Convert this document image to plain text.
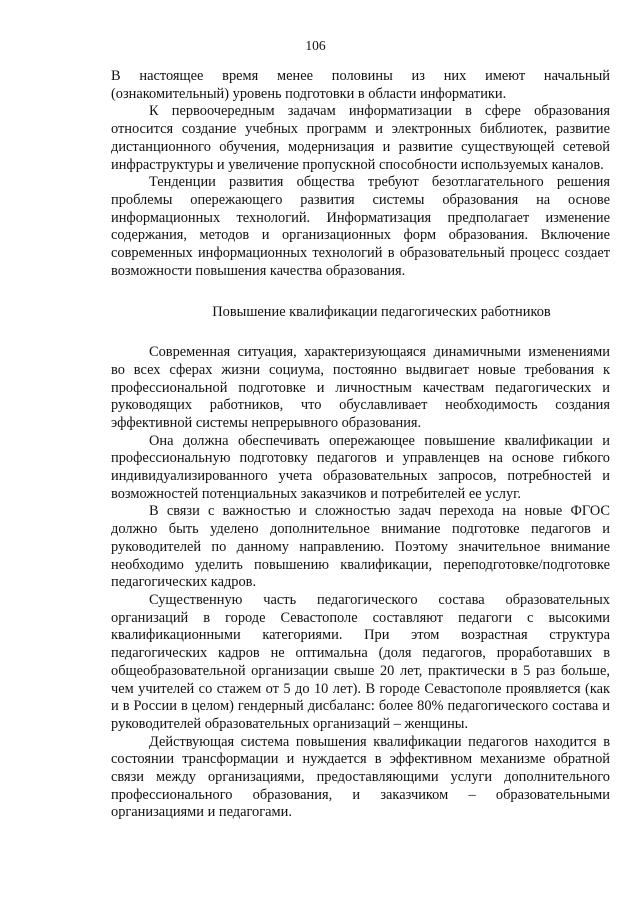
106

В настоящее время менее половины из них имеют начальный (ознакомительный) уровень подготовки в области информатики.

К первоочередным задачам информатизации в сфере образования относится создание учебных программ и электронных библиотек, развитие дистанционного обучения, модернизация и развитие существующей сетевой инфраструктуры и увеличение пропускной способности используемых каналов.

Тенденции развития общества требуют безотлагательного решения проблемы опережающего развития системы образования на основе информационных технологий. Информатизация предполагает изменение содержания, методов и организационных форм образования. Включение современных информационных технологий в образовательный процесс создает возможности повышения качества образования.

Повышение квалификации педагогических работников

Современная ситуация, характеризующаяся динамичными изменениями во всех сферах жизни социума, постоянно выдвигает новые требования к профессиональной подготовке и личностным качествам педагогических и руководящих работников, что обуславливает необходимость создания эффективной системы непрерывного образования.

Она должна обеспечивать опережающее повышение квалификации и профессиональную подготовку педагогов и управленцев на основе гибкого индивидуализированного учета образовательных запросов, потребностей и возможностей потенциальных заказчиков и потребителей ее услуг.

В связи с важностью и сложностью задач перехода на новые ФГОС должно быть уделено дополнительное внимание подготовке педагогов и руководителей по данному направлению. Поэтому значительное внимание необходимо уделить повышению квалификации, переподготовке/подготовке педагогических кадров.

Существенную часть педагогического состава образовательных организаций в городе Севастополе составляют педагоги с высокими квалификационными категориями. При этом возрастная структура педагогических кадров не оптимальна (доля педагогов, проработавших в общеобразовательной организации свыше 20 лет, практически в 5 раз больше, чем учителей со стажем от 5 до 10 лет). В городе Севастополе проявляется (как и в России в целом) гендерный дисбаланс: более 80% педагогического состава и руководителей образовательных организаций – женщины.

Действующая система повышения квалификации педагогов находится в состоянии трансформации и нуждается в эффективном механизме обратной связи между организациями, предоставляющими услуги дополнительного профессионального образования, и заказчиком – образовательными организациями и педагогами.
